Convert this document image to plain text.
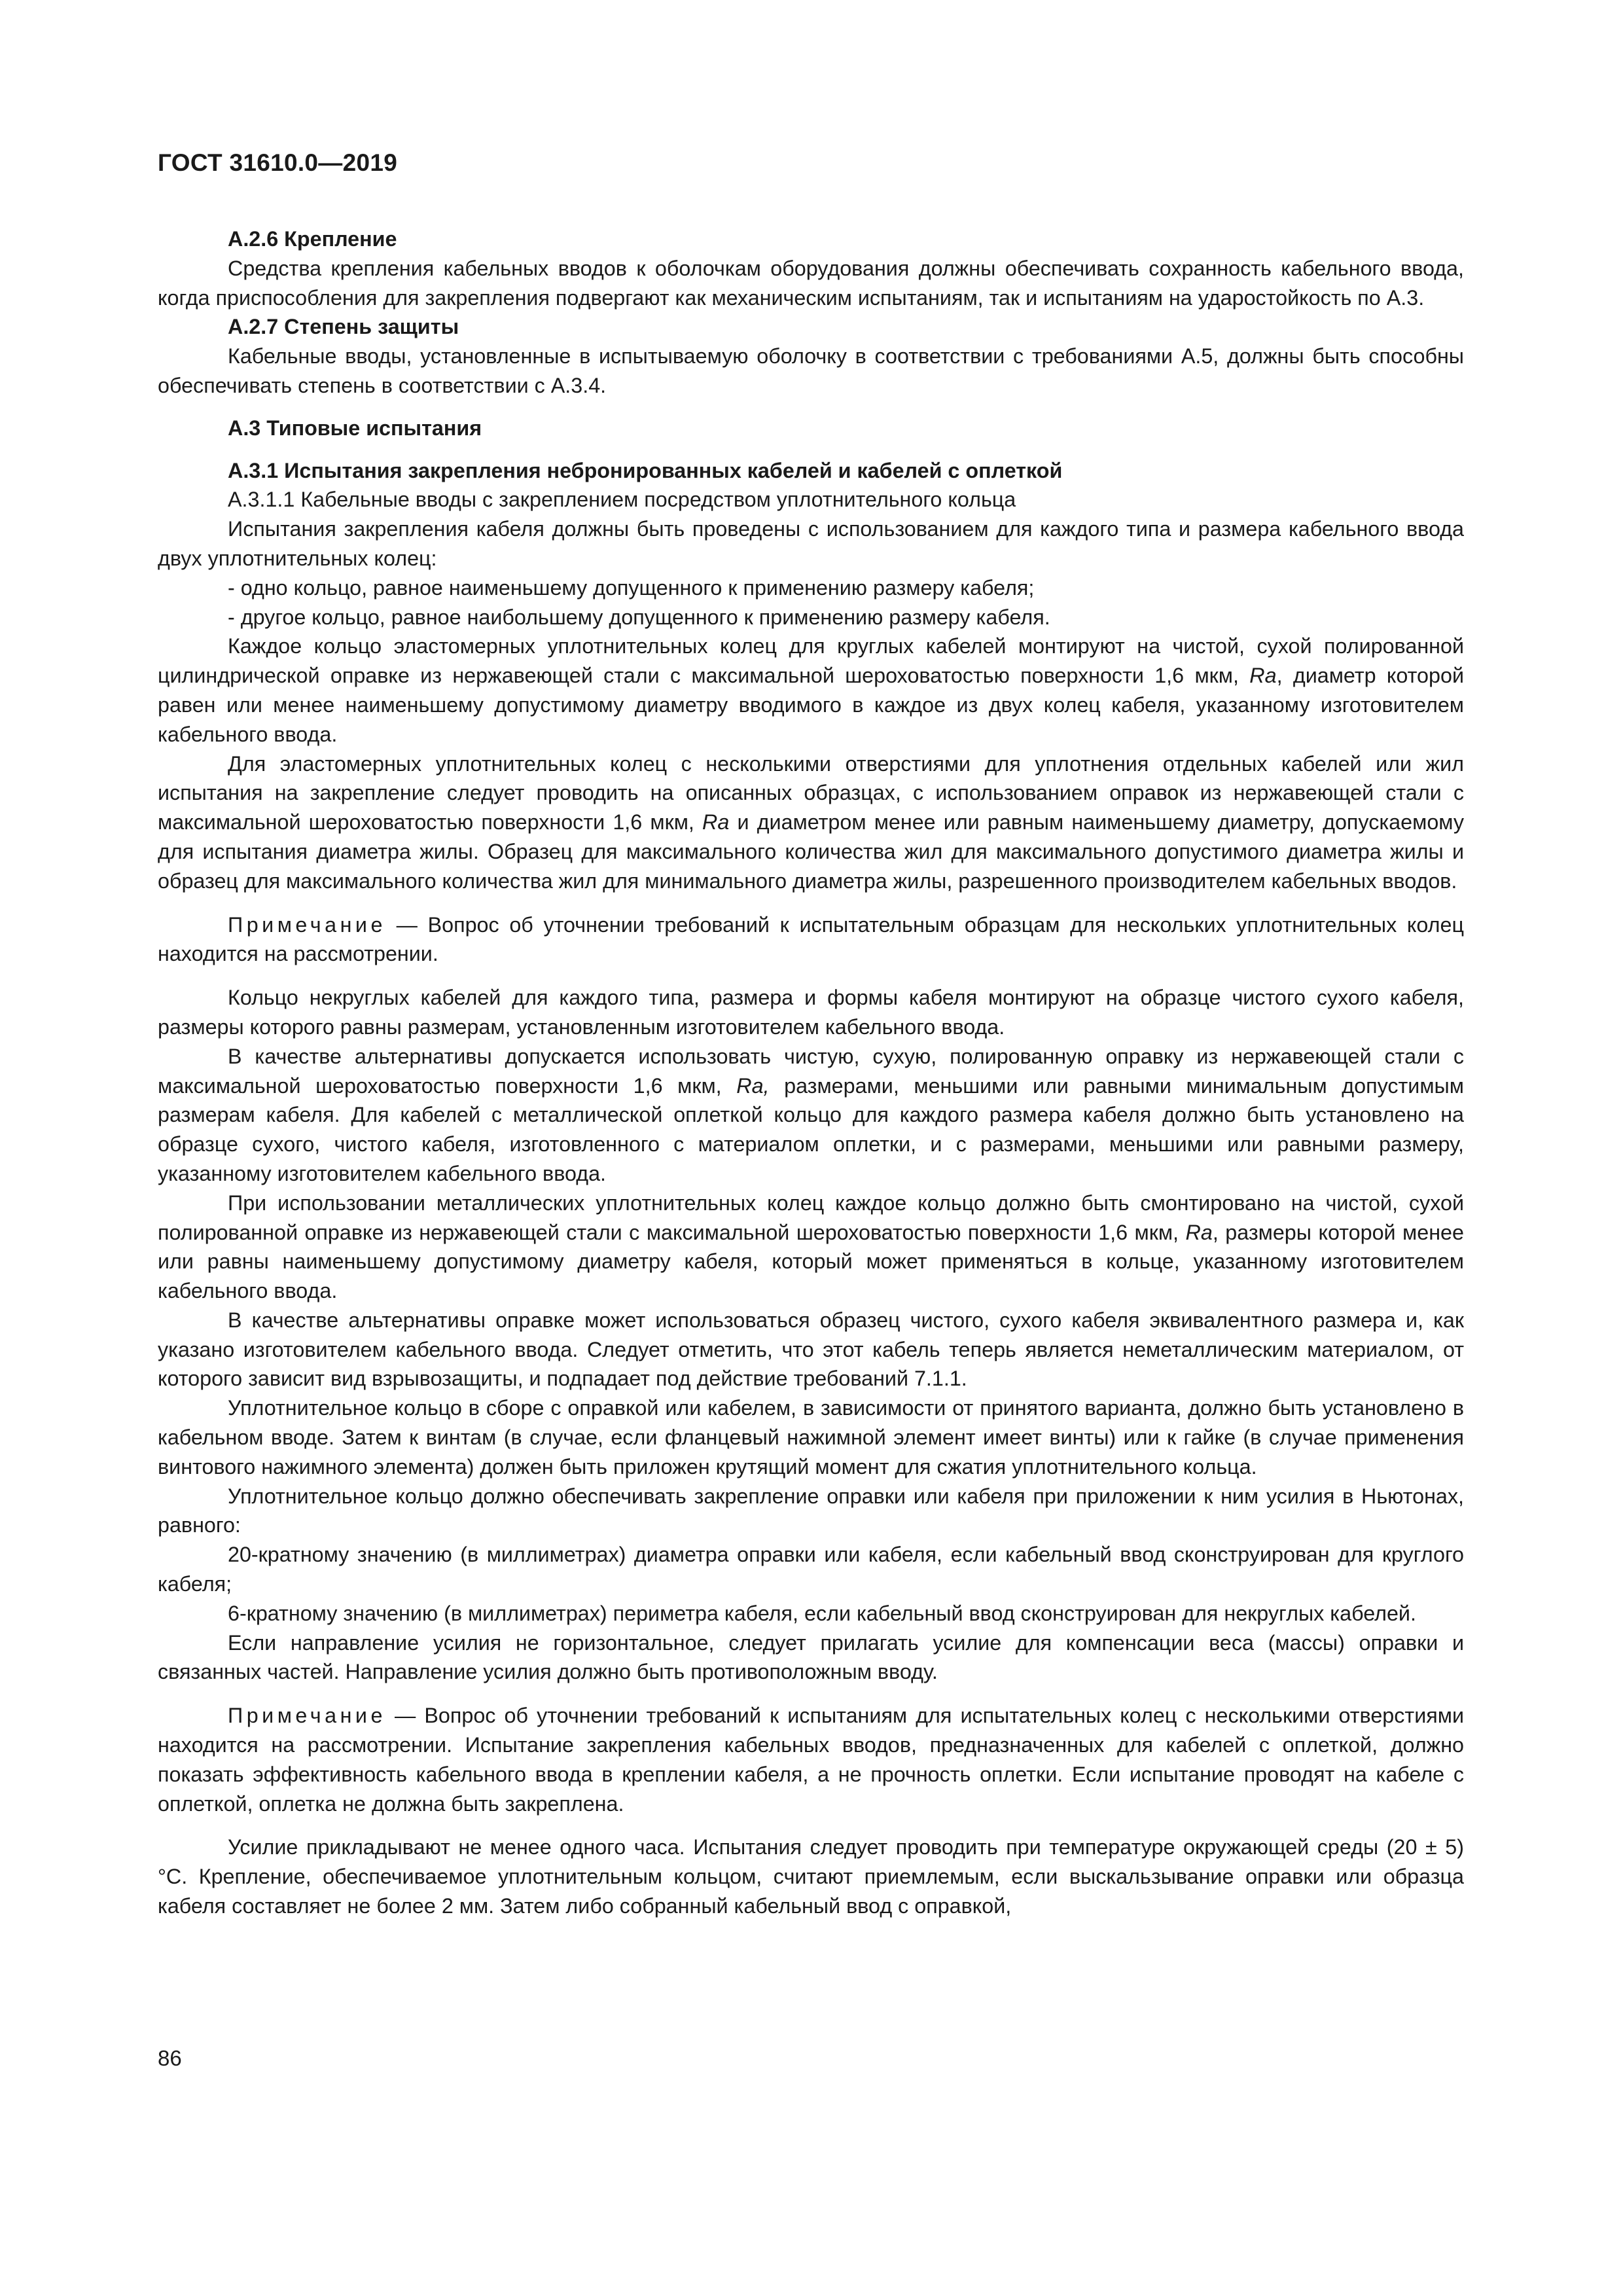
ГОСТ 31610.0—2019

А.2.6 Крепление

Средства крепления кабельных вводов к оболочкам оборудования должны обеспечивать сохранность кабельного ввода, когда приспособления для закрепления подвергают как механическим испытаниям, так и испытаниям на ударостойкость по А.3.

А.2.7 Степень защиты

Кабельные вводы, установленные в испытываемую оболочку в соответствии с требованиями А.5, должны быть способны обеспечивать степень в соответствии с А.3.4.

А.3 Типовые испытания

А.3.1 Испытания закрепления небронированных кабелей и кабелей с оплеткой

А.3.1.1 Кабельные вводы с закреплением посредством уплотнительного кольца

Испытания закрепления кабеля должны быть проведены с использованием для каждого типа и размера кабельного ввода двух уплотнительных колец:

- одно кольцо, равное наименьшему допущенного к применению размеру кабеля;

- другое кольцо, равное наибольшему допущенного к применению размеру кабеля.

Каждое кольцо эластомерных уплотнительных колец для круглых кабелей монтируют на чистой, сухой полированной цилиндрической оправке из нержавеющей стали с максимальной шероховатостью поверхности 1,6 мкм, Ra, диаметр которой равен или менее наименьшему допустимому диаметру вводимого в каждое из двух колец кабеля, указанному изготовителем кабельного ввода.

Для эластомерных уплотнительных колец с несколькими отверстиями для уплотнения отдельных кабелей или жил испытания на закрепление следует проводить на описанных образцах, с использованием оправок из нержавеющей стали с максимальной шероховатостью поверхности 1,6 мкм, Ra и диаметром менее или равным наименьшему диаметру, допускаемому для испытания диаметра жилы. Образец для максимального количества жил для максимального допустимого диаметра жилы и образец для максимального количества жил для минимального диаметра жилы, разрешенного производителем кабельных вводов.

Примечание — Вопрос об уточнении требований к испытательным образцам для нескольких уплотнительных колец находится на рассмотрении.

Кольцо некруглых кабелей для каждого типа, размера и формы кабеля монтируют на образце чистого сухого кабеля, размеры которого равны размерам, установленным изготовителем кабельного ввода.

В качестве альтернативы допускается использовать чистую, сухую, полированную оправку из нержавеющей стали с максимальной шероховатостью поверхности 1,6 мкм, Ra, размерами, меньшими или равными минимальным допустимым размерам кабеля. Для кабелей с металлической оплеткой кольцо для каждого размера кабеля должно быть установлено на образце сухого, чистого кабеля, изготовленного с материалом оплетки, и с размерами, меньшими или равными размеру, указанному изготовителем кабельного ввода.

При использовании металлических уплотнительных колец каждое кольцо должно быть смонтировано на чистой, сухой полированной оправке из нержавеющей стали с максимальной шероховатостью поверхности 1,6 мкм, Ra, размеры которой менее или равны наименьшему допустимому диаметру кабеля, который может применяться в кольце, указанному изготовителем кабельного ввода.

В качестве альтернативы оправке может использоваться образец чистого, сухого кабеля эквивалентного размера и, как указано изготовителем кабельного ввода. Следует отметить, что этот кабель теперь является неметаллическим материалом, от которого зависит вид взрывозащиты, и подпадает под действие требований 7.1.1.

Уплотнительное кольцо в сборе с оправкой или кабелем, в зависимости от принятого варианта, должно быть установлено в кабельном вводе. Затем к винтам (в случае, если фланцевый нажимной элемент имеет винты) или к гайке (в случае применения винтового нажимного элемента) должен быть приложен крутящий момент для сжатия уплотнительного кольца.

Уплотнительное кольцо должно обеспечивать закрепление оправки или кабеля при приложении к ним усилия в Ньютонах, равного:

20-кратному значению (в миллиметрах) диаметра оправки или кабеля, если кабельный ввод сконструирован для круглого кабеля;

6-кратному значению (в миллиметрах) периметра кабеля, если кабельный ввод сконструирован для некруглых кабелей.

Если направление усилия не горизонтальное, следует прилагать усилие для компенсации веса (массы) оправки и связанных частей. Направление усилия должно быть противоположным вводу.

Примечание — Вопрос об уточнении требований к испытаниям для испытательных колец с несколькими отверстиями находится на рассмотрении. Испытание закрепления кабельных вводов, предназначенных для кабелей с оплеткой, должно показать эффективность кабельного ввода в креплении кабеля, а не прочность оплетки. Если испытание проводят на кабеле с оплеткой, оплетка не должна быть закреплена.

Усилие прикладывают не менее одного часа. Испытания следует проводить при температуре окружающей среды (20 ± 5) °C. Крепление, обеспечиваемое уплотнительным кольцом, считают приемлемым, если выскальзывание оправки или образца кабеля составляет не более 2 мм. Затем либо собранный кабельный ввод с оправкой,

86
